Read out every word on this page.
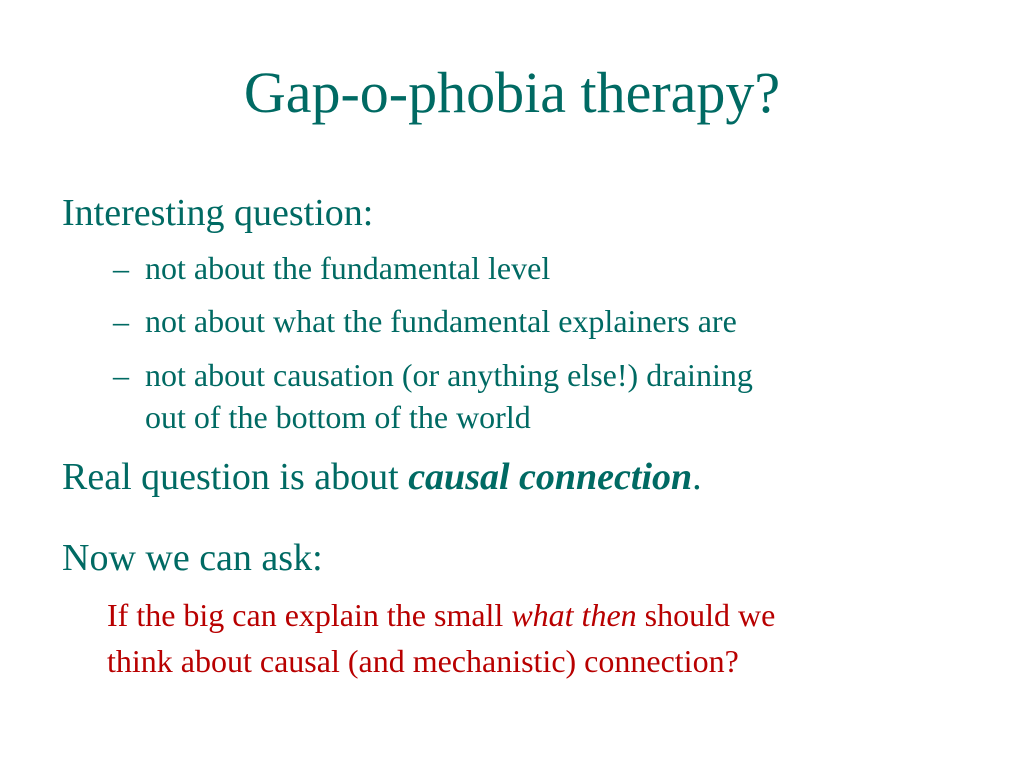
Gap-o-phobia therapy?
Interesting question:
– not about the fundamental level
– not about what the fundamental explainers are
– not about causation (or anything else!) draining
out of the bottom of the world
Real question is about causal connection.
Now we can ask:
If the big can explain the small what then should we
think about causal (and mechanistic) connection?
